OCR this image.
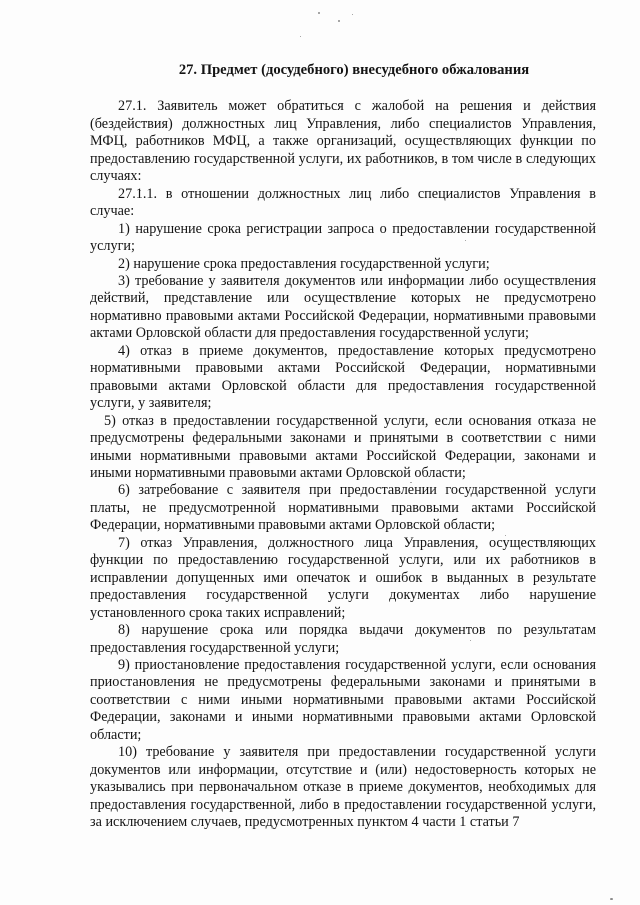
27. Предмет (досудебного) внесудебного обжалования

27.1. Заявитель может обратиться с жалобой на решения и действия (бездействия) должностных лиц Управления, либо специалистов Управления, МФЦ, работников МФЦ, а также организаций, осуществляющих функции по предоставлению государственной услуги, их работников, в том числе в следующих случаях:

27.1.1. в отношении должностных лиц либо специалистов Управления в случае:

1) нарушение срока регистрации запроса о предоставлении государственной услуги;

2) нарушение срока предоставления государственной услуги;

3) требование у заявителя документов или информации либо осуществления действий, представление или осуществление которых не предусмотрено нормативно правовыми актами Российской Федерации, нормативными правовыми актами Орловской области для предоставления государственной услуги;

4) отказ в приеме документов, предоставление которых предусмотрено нормативными правовыми актами Российской Федерации, нормативными правовыми актами Орловской области для предоставления государственной услуги, у заявителя;

5) отказ в предоставлении государственной услуги, если основания отказа не предусмотрены федеральными законами и принятыми в соответствии с ними иными нормативными правовыми актами Российской Федерации, законами и иными нормативными правовыми актами Орловской области;

6) затребование с заявителя при предоставлении государственной услуги платы, не предусмотренной нормативными правовыми актами Российской Федерации, нормативными правовыми актами Орловской области;

7) отказ Управления, должностного лица Управления, осуществляющих функции по предоставлению государственной услуги, или их работников в исправлении допущенных ими опечаток и ошибок в выданных в результате предоставления государственной услуги документах либо нарушение установленного срока таких исправлений;

8) нарушение срока или порядка выдачи документов по результатам предоставления государственной услуги;

9) приостановление предоставления государственной услуги, если основания приостановления не предусмотрены федеральными законами и принятыми в соответствии с ними иными нормативными правовыми актами Российской Федерации, законами и иными нормативными правовыми актами Орловской области;

10) требование у заявителя при предоставлении государственной услуги документов или информации, отсутствие и (или) недостоверность которых не указывались при первоначальном отказе в приеме документов, необходимых для предоставления государственной, либо в предоставлении государственной услуги, за исключением случаев, предусмотренных пунктом 4 части 1 статьи 7
